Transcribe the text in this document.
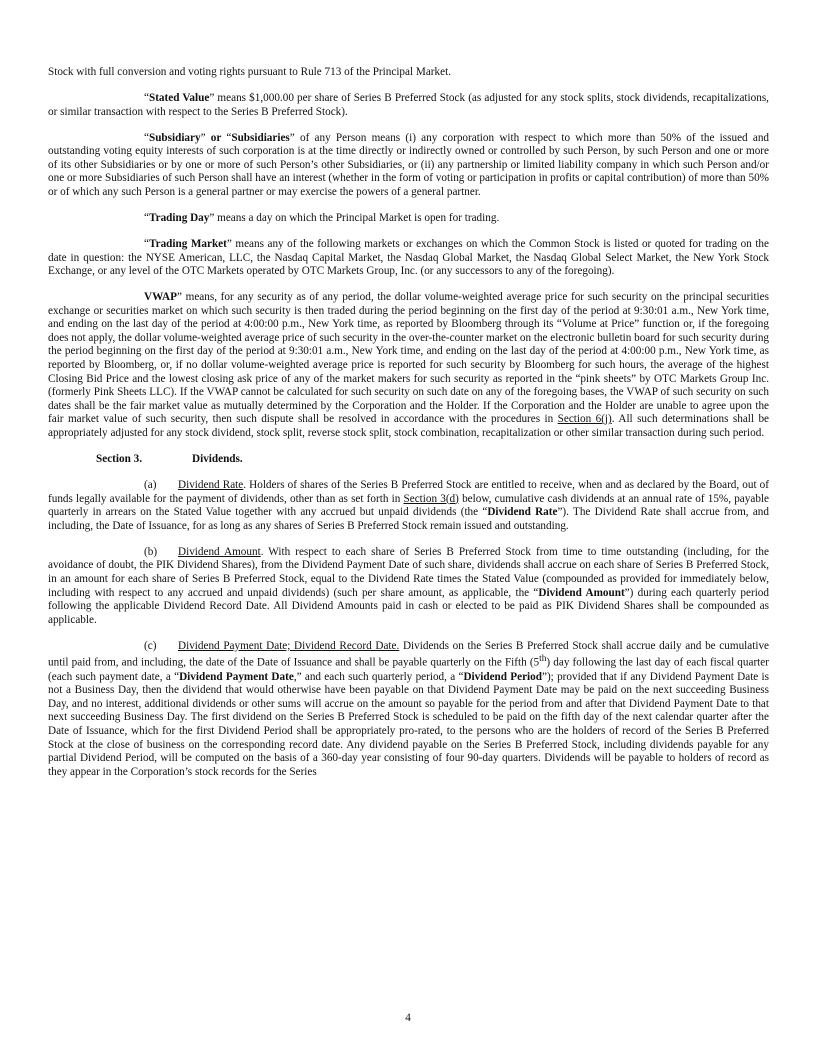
Stock with full conversion and voting rights pursuant to Rule 713 of the Principal Market.

“Stated Value” means $1,000.00 per share of Series B Preferred Stock (as adjusted for any stock splits, stock dividends, recapitalizations, or similar transaction with respect to the Series B Preferred Stock).

“Subsidiary” or “Subsidiaries” of any Person means (i) any corporation with respect to which more than 50% of the issued and outstanding voting equity interests of such corporation is at the time directly or indirectly owned or controlled by such Person, by such Person and one or more of its other Subsidiaries or by one or more of such Person’s other Subsidiaries, or (ii) any partnership or limited liability company in which such Person and/or one or more Subsidiaries of such Person shall have an interest (whether in the form of voting or participation in profits or capital contribution) of more than 50% or of which any such Person is a general partner or may exercise the powers of a general partner.

“Trading Day” means a day on which the Principal Market is open for trading.

“Trading Market” means any of the following markets or exchanges on which the Common Stock is listed or quoted for trading on the date in question: the NYSE American, LLC, the Nasdaq Capital Market, the Nasdaq Global Market, the Nasdaq Global Select Market, the New York Stock Exchange, or any level of the OTC Markets operated by OTC Markets Group, Inc. (or any successors to any of the foregoing).

VWAP” means, for any security as of any period, the dollar volume-weighted average price for such security on the principal securities exchange or securities market on which such security is then traded during the period beginning on the first day of the period at 9:30:01 a.m., New York time, and ending on the last day of the period at 4:00:00 p.m., New York time, as reported by Bloomberg through its “Volume at Price” function or, if the foregoing does not apply, the dollar volume-weighted average price of such security in the over-the-counter market on the electronic bulletin board for such security during the period beginning on the first day of the period at 9:30:01 a.m., New York time, and ending on the last day of the period at 4:00:00 p.m., New York time, as reported by Bloomberg, or, if no dollar volume-weighted average price is reported for such security by Bloomberg for such hours, the average of the highest Closing Bid Price and the lowest closing ask price of any of the market makers for such security as reported in the “pink sheets” by OTC Markets Group Inc. (formerly Pink Sheets LLC). If the VWAP cannot be calculated for such security on such date on any of the foregoing bases, the VWAP of such security on such dates shall be the fair market value as mutually determined by the Corporation and the Holder. If the Corporation and the Holder are unable to agree upon the fair market value of such security, then such dispute shall be resolved in accordance with the procedures in Section 6(j). All such determinations shall be appropriately adjusted for any stock dividend, stock split, reverse stock split, stock combination, recapitalization or other similar transaction during such period.

Section 3.	Dividends.

(a) Dividend Rate. Holders of shares of the Series B Preferred Stock are entitled to receive, when and as declared by the Board, out of funds legally available for the payment of dividends, other than as set forth in Section 3(d) below, cumulative cash dividends at an annual rate of 15%, payable quarterly in arrears on the Stated Value together with any accrued but unpaid dividends (the “Dividend Rate”). The Dividend Rate shall accrue from, and including, the Date of Issuance, for as long as any shares of Series B Preferred Stock remain issued and outstanding.

(b) Dividend Amount. With respect to each share of Series B Preferred Stock from time to time outstanding (including, for the avoidance of doubt, the PIK Dividend Shares), from the Dividend Payment Date of such share, dividends shall accrue on each share of Series B Preferred Stock, in an amount for each share of Series B Preferred Stock, equal to the Dividend Rate times the Stated Value (compounded as provided for immediately below, including with respect to any accrued and unpaid dividends) (such per share amount, as applicable, the “Dividend Amount”) during each quarterly period following the applicable Dividend Record Date. All Dividend Amounts paid in cash or elected to be paid as PIK Dividend Shares shall be compounded as applicable.

(c) Dividend Payment Date; Dividend Record Date. Dividends on the Series B Preferred Stock shall accrue daily and be cumulative until paid from, and including, the date of the Date of Issuance and shall be payable quarterly on the Fifth (5th) day following the last day of each fiscal quarter (each such payment date, a “Dividend Payment Date,” and each such quarterly period, a “Dividend Period”); provided that if any Dividend Payment Date is not a Business Day, then the dividend that would otherwise have been payable on that Dividend Payment Date may be paid on the next succeeding Business Day, and no interest, additional dividends or other sums will accrue on the amount so payable for the period from and after that Dividend Payment Date to that next succeeding Business Day. The first dividend on the Series B Preferred Stock is scheduled to be paid on the fifth day of the next calendar quarter after the Date of Issuance, which for the first Dividend Period shall be appropriately pro-rated, to the persons who are the holders of record of the Series B Preferred Stock at the close of business on the corresponding record date. Any dividend payable on the Series B Preferred Stock, including dividends payable for any partial Dividend Period, will be computed on the basis of a 360-day year consisting of four 90-day quarters. Dividends will be payable to holders of record as they appear in the Corporation’s stock records for the Series

4
